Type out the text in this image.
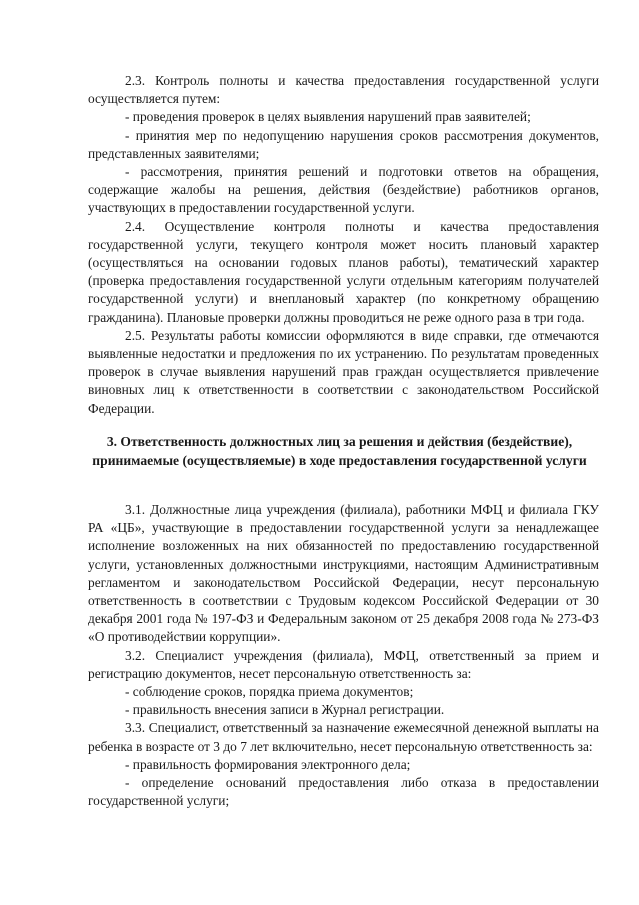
2.3. Контроль полноты и качества предоставления государственной услуги осуществляется путем:

- проведения проверок в целях выявления нарушений прав заявителей;

- принятия мер по недопущению нарушения сроков рассмотрения документов, представленных заявителями;

- рассмотрения, принятия решений и подготовки ответов на обращения, содержащие жалобы на решения, действия (бездействие) работников органов, участвующих в предоставлении государственной услуги.

2.4. Осуществление контроля полноты и качества предоставления государственной услуги, текущего контроля может носить плановый характер (осуществляться на основании годовых планов работы), тематический характер (проверка предоставления государственной услуги отдельным категориям получателей государственной услуги) и внеплановый характер (по конкретному обращению гражданина). Плановые проверки должны проводиться не реже одного раза в три года.

2.5. Результаты работы комиссии оформляются в виде справки, где отмечаются выявленные недостатки и предложения по их устранению. По результатам проведенных проверок в случае выявления нарушений прав граждан осуществляется привлечение виновных лиц к ответственности в соответствии с законодательством Российской Федерации.

3. Ответственность должностных лиц за решения и действия (бездействие), принимаемые (осуществляемые) в ходе предоставления государственной услуги

3.1. Должностные лица учреждения (филиала), работники МФЦ и филиала ГКУ РА «ЦБ», участвующие в предоставлении государственной услуги за ненадлежащее исполнение возложенных на них обязанностей по предоставлению государственной услуги, установленных должностными инструкциями, настоящим Административным регламентом и законодательством Российской Федерации, несут персональную ответственность в соответствии с Трудовым кодексом Российской Федерации от 30 декабря 2001 года № 197-ФЗ и Федеральным законом от 25 декабря 2008 года № 273-ФЗ «О противодействии коррупции».

3.2. Специалист учреждения (филиала), МФЦ, ответственный за прием и регистрацию документов, несет персональную ответственность за:

- соблюдение сроков, порядка приема документов;

- правильность внесения записи в Журнал регистрации.

3.3. Специалист, ответственный за назначение ежемесячной денежной выплаты на ребенка в возрасте от 3 до 7 лет включительно, несет персональную ответственность за:

- правильность формирования электронного дела;

- определение оснований предоставления либо отказа в предоставлении государственной услуги;
